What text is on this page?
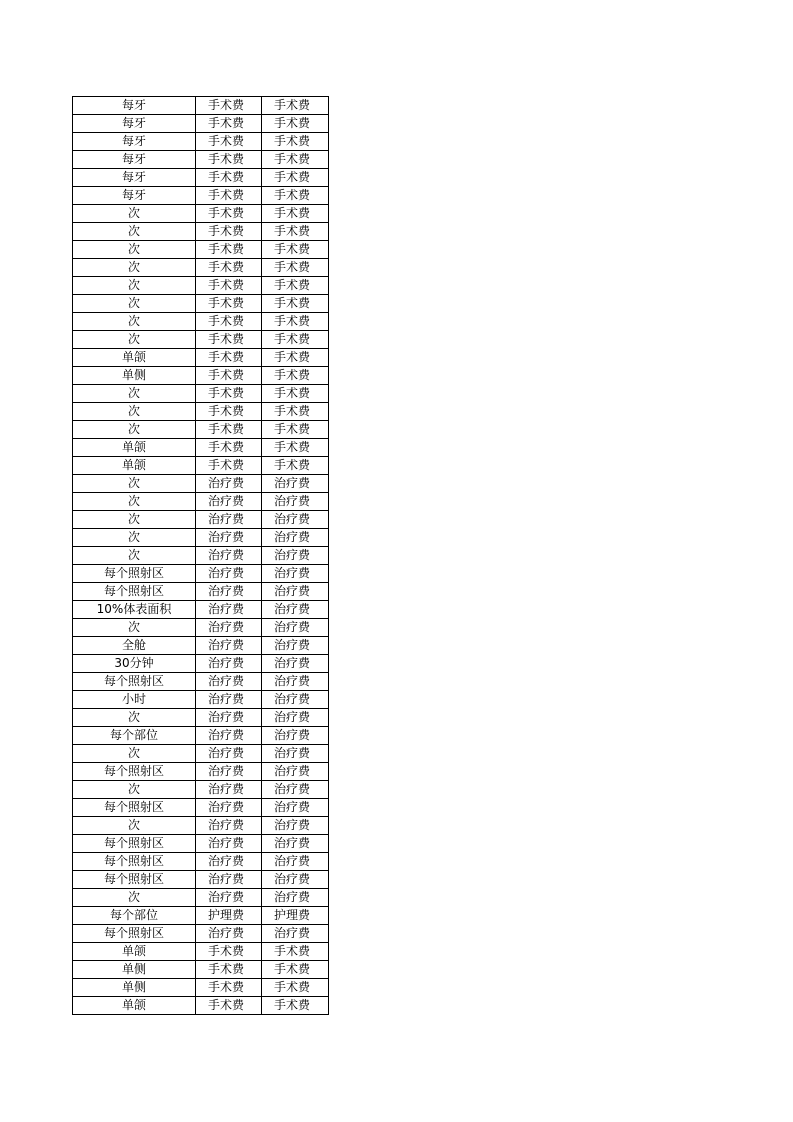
每牙	手术费	手术费
每牙	手术费	手术费
每牙	手术费	手术费
每牙	手术费	手术费
每牙	手术费	手术费
每牙	手术费	手术费
次	手术费	手术费
次	手术费	手术费
次	手术费	手术费
次	手术费	手术费
次	手术费	手术费
次	手术费	手术费
次	手术费	手术费
次	手术费	手术费
单颌	手术费	手术费
单侧	手术费	手术费
次	手术费	手术费
次	手术费	手术费
次	手术费	手术费
单颌	手术费	手术费
单颌	手术费	手术费
次	治疗费	治疗费
次	治疗费	治疗费
次	治疗费	治疗费
次	治疗费	治疗费
次	治疗费	治疗费
每个照射区	治疗费	治疗费
每个照射区	治疗费	治疗费
10%体表面积	治疗费	治疗费
次	治疗费	治疗费
全舱	治疗费	治疗费
30分钟	治疗费	治疗费
每个照射区	治疗费	治疗费
小时	治疗费	治疗费
次	治疗费	治疗费
每个部位	治疗费	治疗费
次	治疗费	治疗费
每个照射区	治疗费	治疗费
次	治疗费	治疗费
每个照射区	治疗费	治疗费
次	治疗费	治疗费
每个照射区	治疗费	治疗费
每个照射区	治疗费	治疗费
每个照射区	治疗费	治疗费
次	治疗费	治疗费
每个部位	护理费	护理费
每个照射区	治疗费	治疗费
单颌	手术费	手术费
单侧	手术费	手术费
单侧	手术费	手术费
单颌	手术费	手术费
